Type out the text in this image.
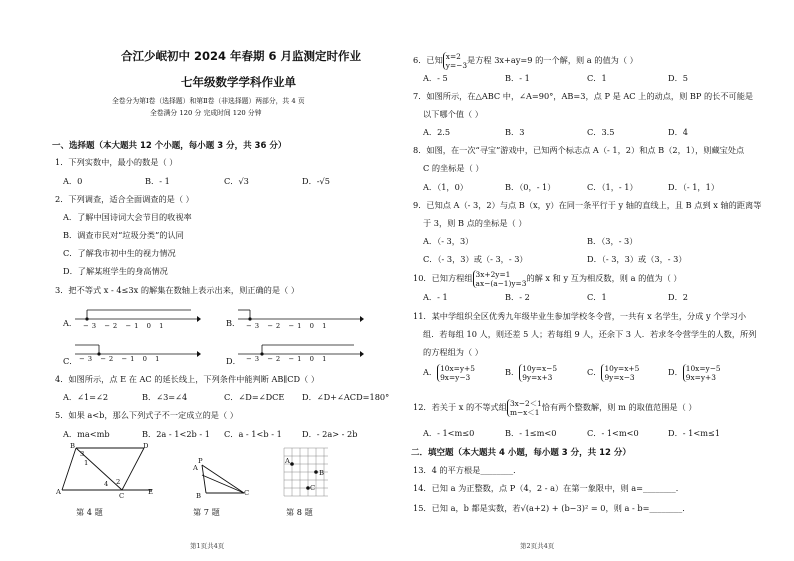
合江少岷初中 2024 年春期 6 月监测定时作业
七年级数学学科作业单
全卷分为第Ⅰ卷（选择题）和第Ⅱ卷（非选择题）两部分，共 4 页
全卷满分 120 分 完成时间 120 分钟
一、选择题（本大题共 12 个小题，每小题 3 分，共 36 分）
1．下列实数中，最小的数是（ ）
A．0	B．- 1	C．√3	D．-√5
2．下列调查，适合全面调查的是（ ）
A．了解中国诗词大会节目的收视率
B．调查市民对“垃圾分类”的认同
C．了解我市初中生的视力情况
D．了解某班学生的身高情况
3．把不等式 x - 4≤3x 的解集在数轴上表示出来，则正确的是（ ）
A． −3 −2 −1 0 1	B． −3 −2 −1 0 1
C． −3 −2 −1 0 1	D． −3 −2 −1 0 1
4．如图所示，点 E 在 AC 的延长线上，下列条件中能判断 AB∥CD（ ）
A．∠1=∠2	B．∠3=∠4	C．∠D=∠DCE D．∠D+∠ACD=180°
5．如果 a<b，那么下列式子不一定成立的是（ ）
A．ma<mb	B．2a - 1<2b - 1 C．a - 1<b - 1 D．- 2a> - 2b
B	D
A	C	E
1
2
3
4
第 4 题
P
A
B	C
第 7 题
A
B
C
第 8 题
第1页共4页
6．已知 x=2
y=−3
是方程 3x+ay=9 的一个解，则 a 的值为（ ）
A．- 5	B．- 1	C．1	D．5
7．如图所示，在△ABC 中，∠A=90°，AB=3，点 P 是 AC 上的动点，则 BP 的长不可能是
以下哪个值（ ）
A．2.5	B．3	C．3.5	D．4
8．如图，在一次“寻宝”游戏中，已知两个标志点 A（- 1，2）和点 B（2，1），则藏宝处点
C 的坐标是（ ）
A．（1，0）	B．（0，- 1）	C．（1，- 1）	D．（- 1，1）
9．已知点 A（- 3，2）与点 B（x，y）在同一条平行于 y 轴的直线上，且 B 点到 x 轴的距离等
于 3，则 B 点的坐标是（ ）
A．（- 3，3）	B．（3，- 3）
C．（- 3，3）或（- 3，- 3）	D．（- 3，3）或（3，- 3）
10．已知方程组 3x+2y=1
ax−(a−1)y=3
的解 x 和 y 互为相反数，则 a 的值为（ ）
A．- 1	B．- 2	C．1	D．2
11．某中学组织全区优秀九年级毕业生参加学校冬令营，一共有 x 名学生，分成 y 个学习小
组．若每组 10 人，则还差 5 人；若每组 9 人，还余下 3 人．若求冬令营学生的人数，所列
的方程组为（ ）
A． 10x=y+5
9x=y−3
B． 10y=x−5
9y=x+3
C． 10y=x+5
9y=x−3
D． 10x=y−5
9x=y+3
12．若关于 x 的不等式组 3x−2＜1
m−x＜1
恰有两个整数解，则 m 的取值范围是（ ）
A．- 1<m≤0	B．- 1≤m<0	C．- 1<m<0	D．- 1<m≤1
二．填空题（本大题共 4 小题，每小题 3 分，共 12 分）
13．4 的平方根是________．
14．已知 a 为正整数，点 P（4，2 - a）在第一象限中，则 a=________．
15．已知 a，b 都是实数，若√(a+2) + (b−3)² = 0，则 a - b=________．
第2页共4页
